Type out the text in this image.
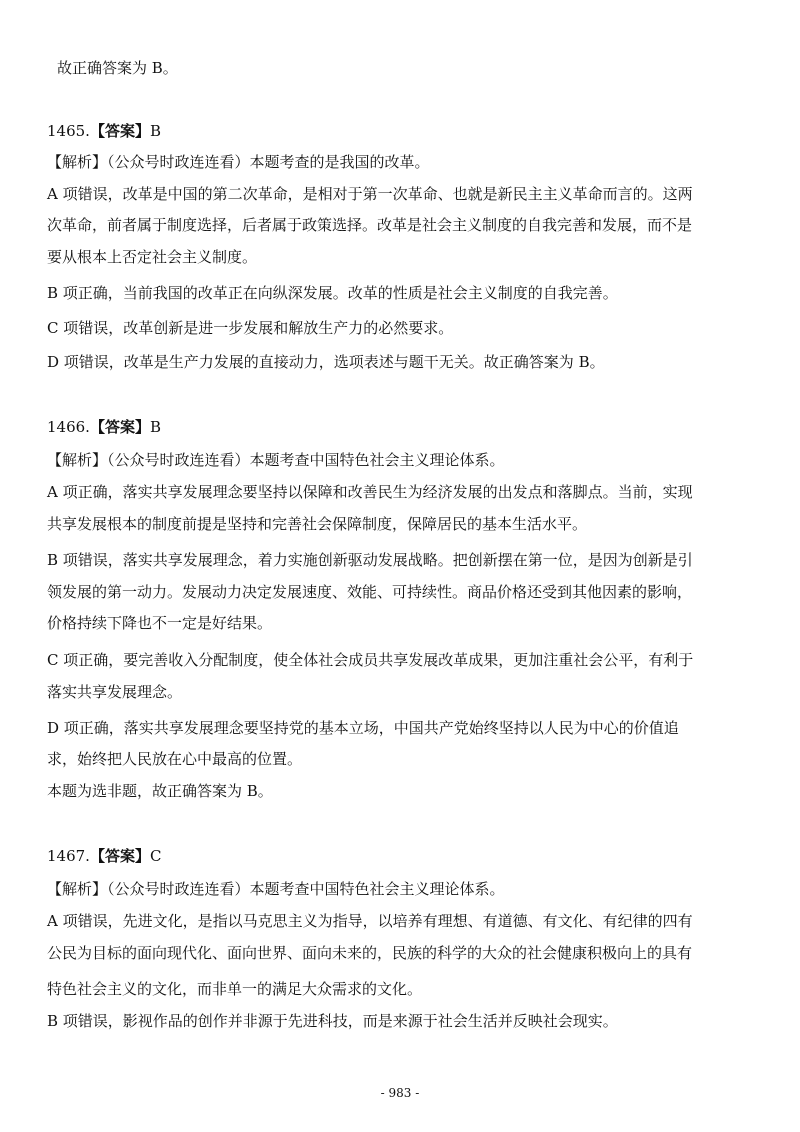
故正确答案为 B。
1465.【答案】B
【解析】（公众号时政连连看）本题考查的是我国的改革。
A 项错误，改革是中国的第二次革命，是相对于第一次革命、也就是新民主主义革命而言的。这两
次革命，前者属于制度选择，后者属于政策选择。改革是社会主义制度的自我完善和发展，而不是
要从根本上否定社会主义制度。
B 项正确，当前我国的改革正在向纵深发展。改革的性质是社会主义制度的自我完善。
C 项错误，改革创新是进一步发展和解放生产力的必然要求。
D 项错误，改革是生产力发展的直接动力，选项表述与题干无关。故正确答案为 B。
1466.【答案】B
【解析】（公众号时政连连看）本题考查中国特色社会主义理论体系。
A 项正确，落实共享发展理念要坚持以保障和改善民生为经济发展的出发点和落脚点。当前，实现
共享发展根本的制度前提是坚持和完善社会保障制度，保障居民的基本生活水平。
B 项错误，落实共享发展理念，着力实施创新驱动发展战略。把创新摆在第一位，是因为创新是引
领发展的第一动力。发展动力决定发展速度、效能、可持续性。商品价格还受到其他因素的影响，
价格持续下降也不一定是好结果。
C 项正确，要完善收入分配制度，使全体社会成员共享发展改革成果，更加注重社会公平，有利于
落实共享发展理念。
D 项正确，落实共享发展理念要坚持党的基本立场，中国共产党始终坚持以人民为中心的价值追
求，始终把人民放在心中最高的位置。
本题为选非题，故正确答案为 B。
1467.【答案】C
【解析】（公众号时政连连看）本题考查中国特色社会主义理论体系。
A 项错误，先进文化，是指以马克思主义为指导，以培养有理想、有道德、有文化、有纪律的四有
公民为目标的面向现代化、面向世界、面向未来的，民族的科学的大众的社会健康积极向上的具有
特色社会主义的文化，而非单一的满足大众需求的文化。
B 项错误，影视作品的创作并非源于先进科技，而是来源于社会生活并反映社会现实。
- 983 -
